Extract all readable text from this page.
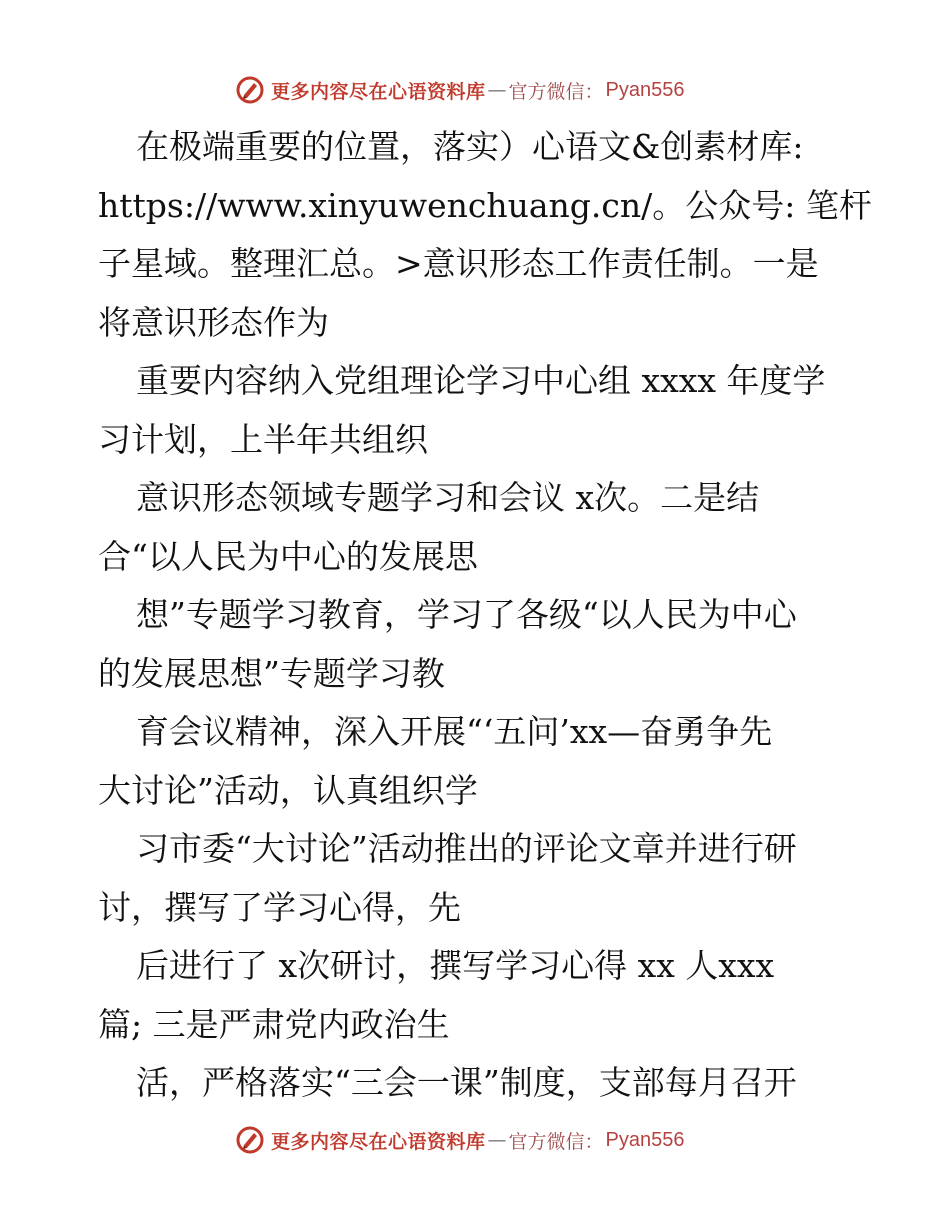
更多内容尽在心语资料库 — 官方微信： Pyan556
在极端重要的位置，落实）心语文&创素材库:
https://www.xinyuwenchuang.cn/。公众号: 笔杆
子星域。整理汇总。>意识形态工作责任制。一是
将意识形态作为
重要内容纳入党组理论学习中心组 xxxx 年度学
习计划，上半年共组织
意识形态领域专题学习和会议 x次。二是结
合“以人民为中心的发展思
想”专题学习教育，学习了各级“以人民为中心
的发展思想”专题学习教
育会议精神，深入开展“‘五问’xx—奋勇争先
大讨论”活动，认真组织学
习市委“大讨论”活动推出的评论文章并进行研
讨，撰写了学习心得，先
后进行了 x次研讨，撰写学习心得 xx 人xxx
篇; 三是严肃党内政治生
活，严格落实“三会一课”制度，支部每月召开
更多内容尽在心语资料库 — 官方微信： Pyan556
